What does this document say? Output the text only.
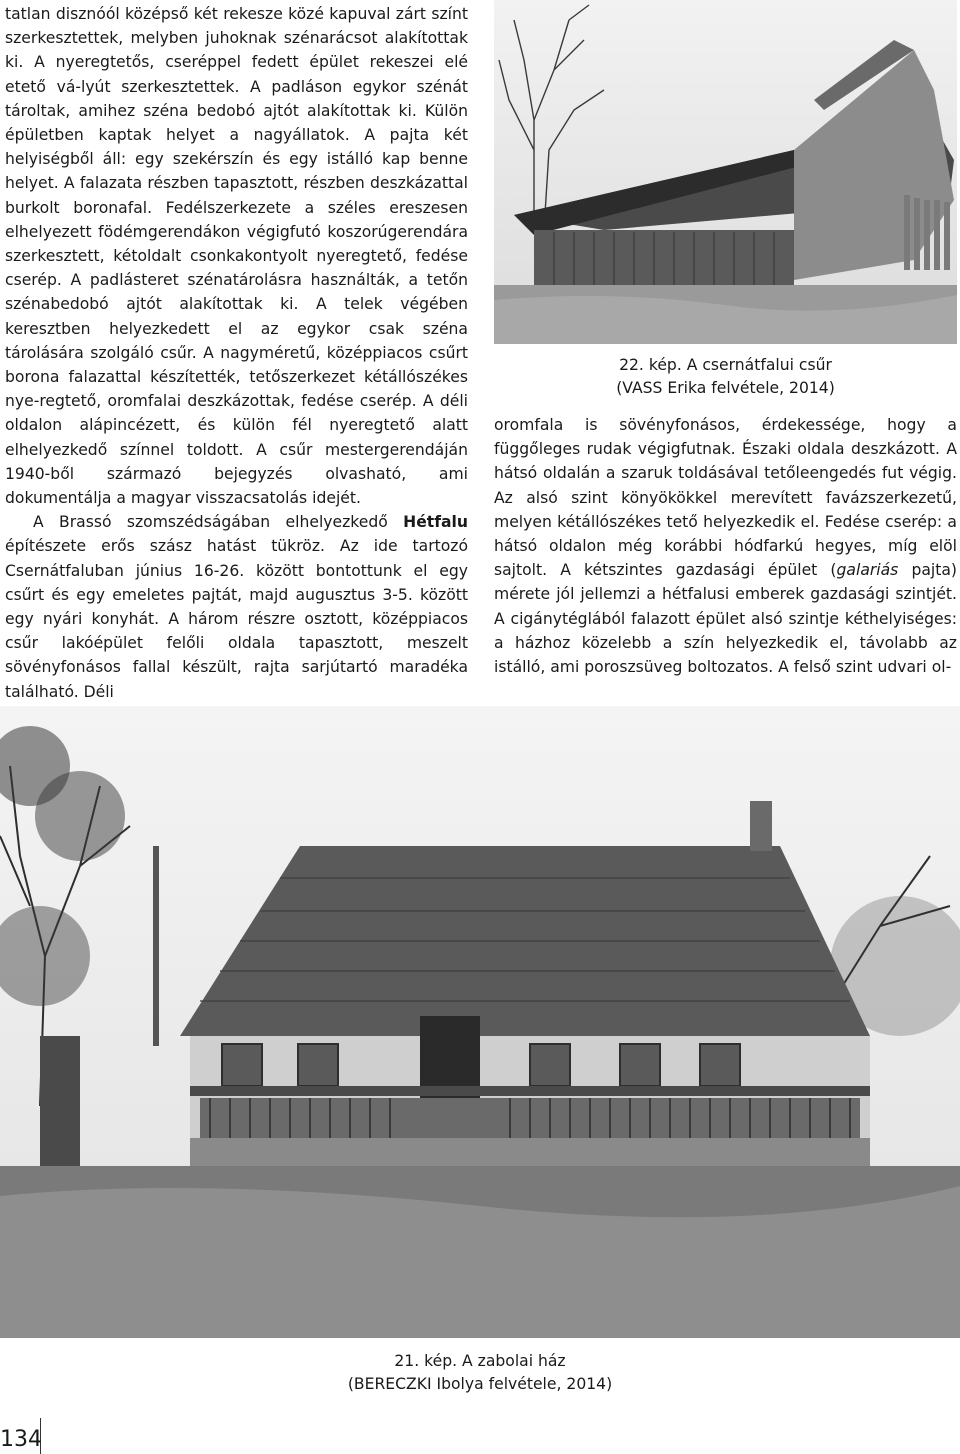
tatlan disznóól középső két rekesze közé kapuval zárt színt szerkesztettek, melyben juhoknak szénarácsot alakítottak ki. A nyeregtetős, cseréppel fedett épület rekeszei elé etető vá-lyút szerkesztettek. A padláson egykor szénát tároltak, amihez széna bedobó ajtót alakítottak ki. Külön épületben kaptak helyet a nagyállatok. A pajta két helyiségből áll: egy szekérszín és egy istálló kap benne helyet. A falazata részben tapasztott, részben deszkázattal burkolt boronafal. Fedélszerkezete a széles ereszesen elhelyezett födémgerendákon végigfutó koszorúgerendára szerkesztett, kétoldalt csonkakontyolt nyeregtető, fedése cserép. A padlásteret szénatárolásra használták, a tetőn szénabedobó ajtót alakítottak ki. A telek végében keresztben helyezkedett el az egykor csak széna tárolására szolgáló csűr. A nagyméretű, középpiacos csűrt borona falazattal készítették, tetőszerkezet kétállószékes nye-regtető, oromfalai deszkázottak, fedése cserép. A déli oldalon alápincézett, és külön fél nyeregtető alatt elhelyezkedő színnel toldott. A csűr mestergerendáján 1940-ből származó bejegyzés olvasható, ami dokumentálja a magyar visszacsatolás idejét.

A Brassó szomszédságában elhelyezkedő Hétfalu építészete erős szász hatást tükröz. Az ide tartozó Csernátfaluban június 16-26. között bontottunk el egy csűrt és egy emeletes pajtát, majd augusztus 3-5. között egy nyári konyhát. A három részre osztott, középpiacos csűr lakóépület felőli oldala tapasztott, meszelt sövényfonásos fallal készült, rajta sarjútartó maradéka található. Déli

22. kép. A csernátfalui csűr
(VASS Erika felvétele, 2014)

oromfala is sövényfonásos, érdekessége, hogy a függőleges rudak végigfutnak. Északi oldala deszkázott. A hátsó oldalán a szaruk toldásával tetőleengedés fut végig. Az alsó szint könyökökkel merevített favázszerkezetű, melyen kétállószékes tető helyezkedik el. Fedése cserép: a hátsó oldalon még korábbi hódfarkú hegyes, míg elöl sajtolt. A kétszintes gazdasági épület (galariás pajta) mérete jól jellemzi a hétfalusi emberek gazdasági szintjét. A cigánytéglából falazott épület alsó szintje kéthelyiséges: a házhoz közelebb a szín helyezkedik el, távolabb az istálló, ami poroszsüveg boltozatos. A felső szint udvari ol-

21. kép. A zabolai ház
(BERECZKI Ibolya felvétele, 2014)
134
